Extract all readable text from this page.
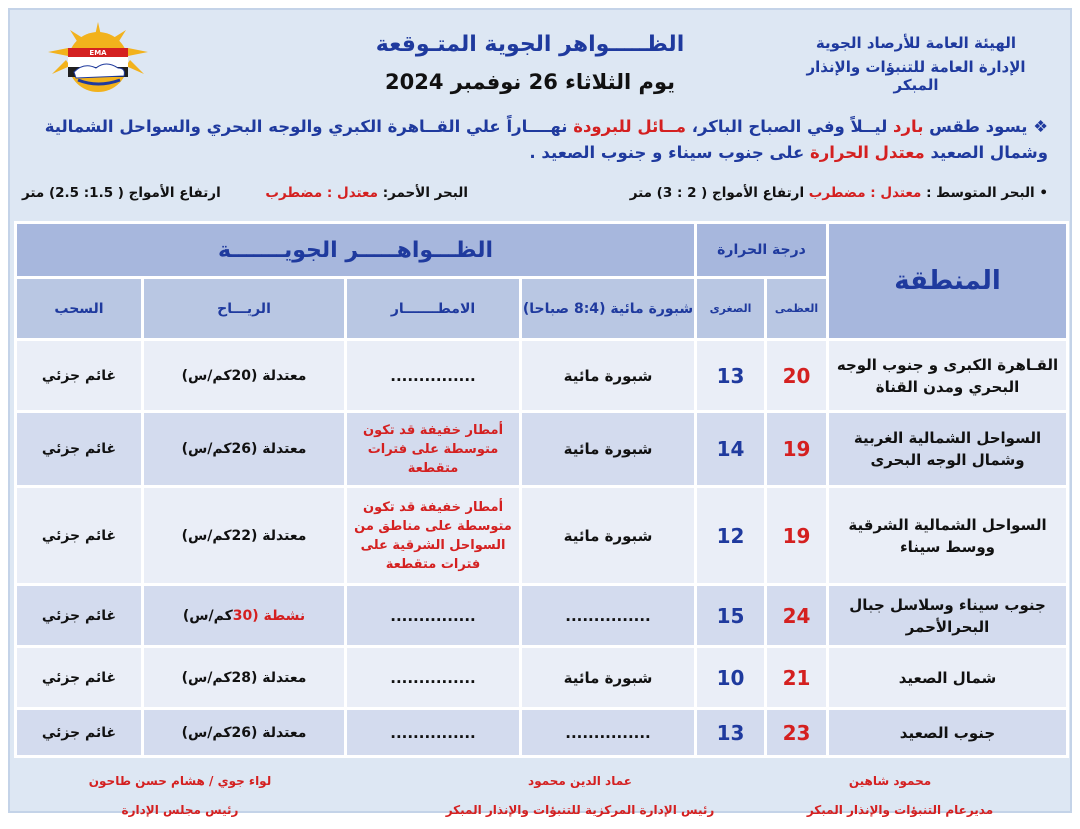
EMA	الظـــــواهر الجوية المتـوقعة
يوم الثلاثاء 26 نوفمبر 2024
الهيئة العامة للأرصاد الجوية
الإدارة العامة للتنبؤات والإنذار المبكر
❖ يسود طقس بارد ليــلاً وفي الصباح الباكر، مــائل للبرودة نهــــاراً علي القــاهرة الكبري والوجه البحري والسواحل الشمالية وشمال الصعيد معتدل الحرارة على جنوب سيناء و جنوب الصعيد .
• البحر المتوسط : معتدل : مضطرب ارتفاع الأمواج ( 2 : 3) متر
البحر الأحمر: معتدل : مضطرب
ارتفاع الأمواج ( 1.5: 2.5) متر
المنطقة	درجة الحرارة		الظـــواهـــــر الجويـــــــة			
	العظمى	الصغرى	شبورة مائية (8:4 صباحا)	الامطـــــــار	الريـــاح	السحب
القـاهرة الكبرى و جنوب الوجه البحري ومدن القناة	20	13	شبورة مائية	...............	معتدلة (20كم/س)	غائم جزئي
السواحل الشمالية الغربية وشمال الوجه البحرى	19	14	شبورة مائية	أمطار خفيفة قد تكون متوسطة على فترات متقطعة	معتدلة (26كم/س)	غائم جزئي
السواحل الشمالية الشرقية ووسط سيناء	19	12	شبورة مائية	أمطار خفيفة قد تكون متوسطة على مناطق من السواحل الشرقية على فترات متقطعة	معتدلة (22كم/س)	غائم جزئي
جنوب سيناء وسلاسل جبال البحرالأحمر	24	15	...............	...............	نشطة (30كم/س)	غائم جزئي
شمال الصعيد	21	10	شبورة مائية	...............	معتدلة (28كم/س)	غائم جزئي
جنوب الصعيد	23	13	...............	...............	معتدلة (26كم/س)	غائم جزئي
محمود شاهين
مديرعام التنبؤات والإنذار المبكر
عماد الدين محمود
رئيس الإدارة المركزية للتنبؤات والإنذار المبكر
لواء جوي / هشام حسن طاحون
رئيس مجلس الإدارة
